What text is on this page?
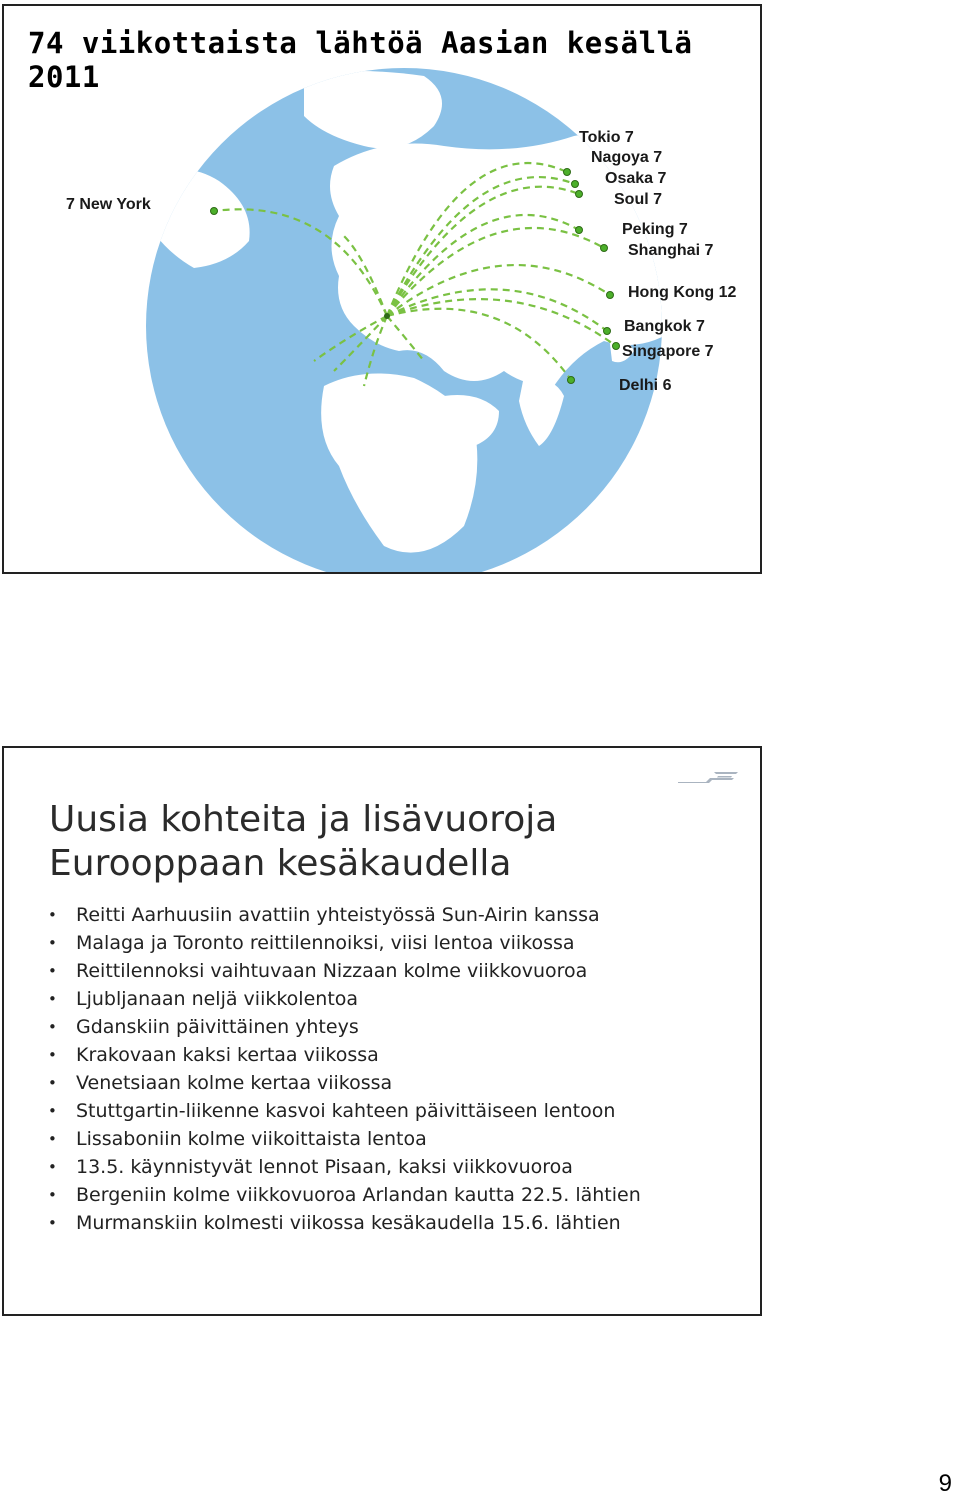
74 viikottaista lähtöä Aasian kesällä 2011
7 New York
Tokio 7
Nagoya 7
Osaka 7
Soul 7
Peking 7
Shanghai 7
Hong Kong 12
Bangkok 7
Singapore 7
Delhi 6
Uusia kohteita ja lisävuoroja
Eurooppaan kesäkaudella
• Reitti Aarhuusiin avattiin yhteistyössä Sun-Airin kanssa
• Malaga ja Toronto reittilennoiksi, viisi lentoa viikossa
• Reittilennoksi vaihtuvaan Nizzaan kolme viikkovuoroa
• Ljubljanaan neljä viikkolentoa
• Gdanskiin päivittäinen yhteys
• Krakovaan kaksi kertaa viikossa
• Venetsiaan kolme kertaa viikossa
• Stuttgartin-liikenne kasvoi kahteen päivittäiseen lentoon
• Lissaboniin kolme viikoittaista lentoa
• 13.5. käynnistyvät lennot Pisaan, kaksi viikkovuoroa
• Bergeniin kolme viikkovuoroa Arlandan kautta 22.5. lähtien
• Murmanskiin kolmesti viikossa kesäkaudella 15.6. lähtien
9
